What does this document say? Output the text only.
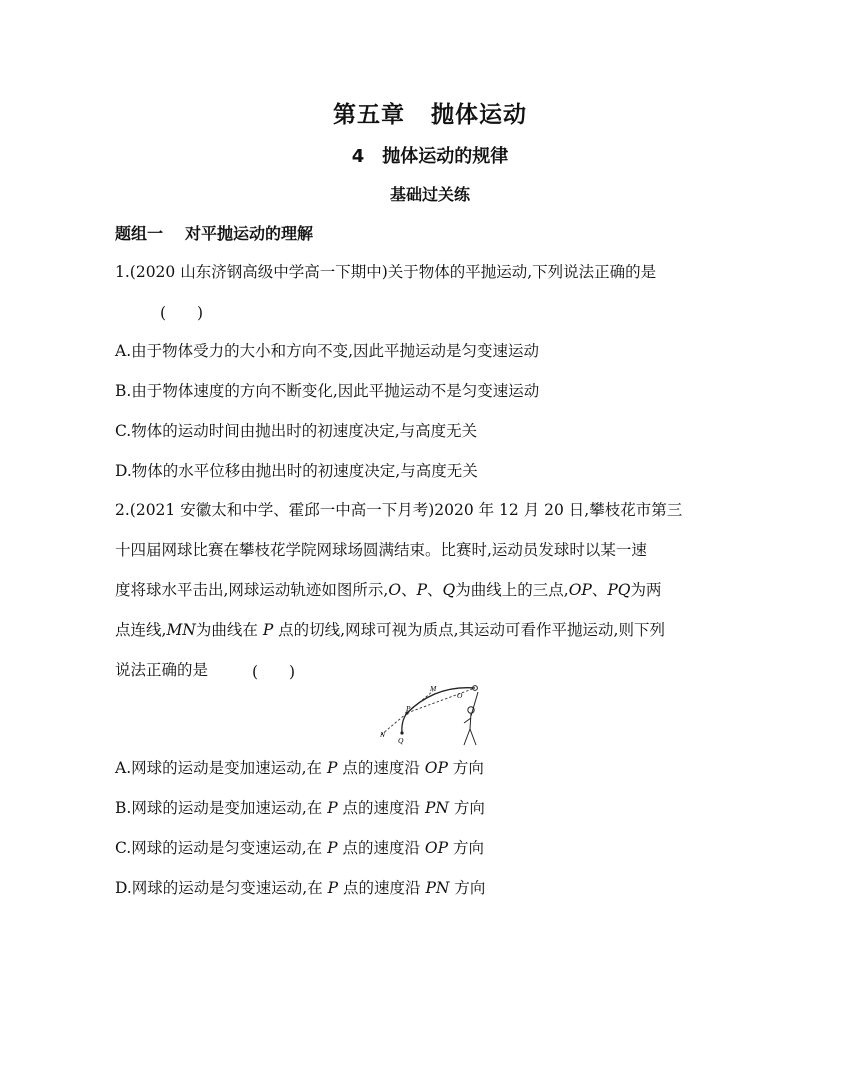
第五章 抛体运动
4 抛体运动的规律
基础过关练
题组一 对平抛运动的理解
1.(2020 山东济钢高级中学高一下期中)关于物体的平抛运动,下列说法正确的是
(　　)
A.由于物体受力的大小和方向不变,因此平抛运动是匀变速运动
B.由于物体速度的方向不断变化,因此平抛运动不是匀变速运动
C.物体的运动时间由抛出时的初速度决定,与高度无关
D.物体的水平位移由抛出时的初速度决定,与高度无关
2.(2021 安徽太和中学、霍邱一中高一下月考)2020 年 12 月 20 日,攀枝花市第三
十四届网球比赛在攀枝花学院网球场圆满结束。比赛时,运动员发球时以某一速
度将球水平击出,网球运动轨迹如图所示,O、P、Q为曲线上的三点,OP、PQ为两
点连线,MN为曲线在 P 点的切线,网球可视为质点,其运动可看作平抛运动,则下列
说法正确的是	(　　)
M
O
P
N
Q
A.网球的运动是变加速运动,在 P 点的速度沿 OP 方向
B.网球的运动是变加速运动,在 P 点的速度沿 PN 方向
C.网球的运动是匀变速运动,在 P 点的速度沿 OP 方向
D.网球的运动是匀变速运动,在 P 点的速度沿 PN 方向
